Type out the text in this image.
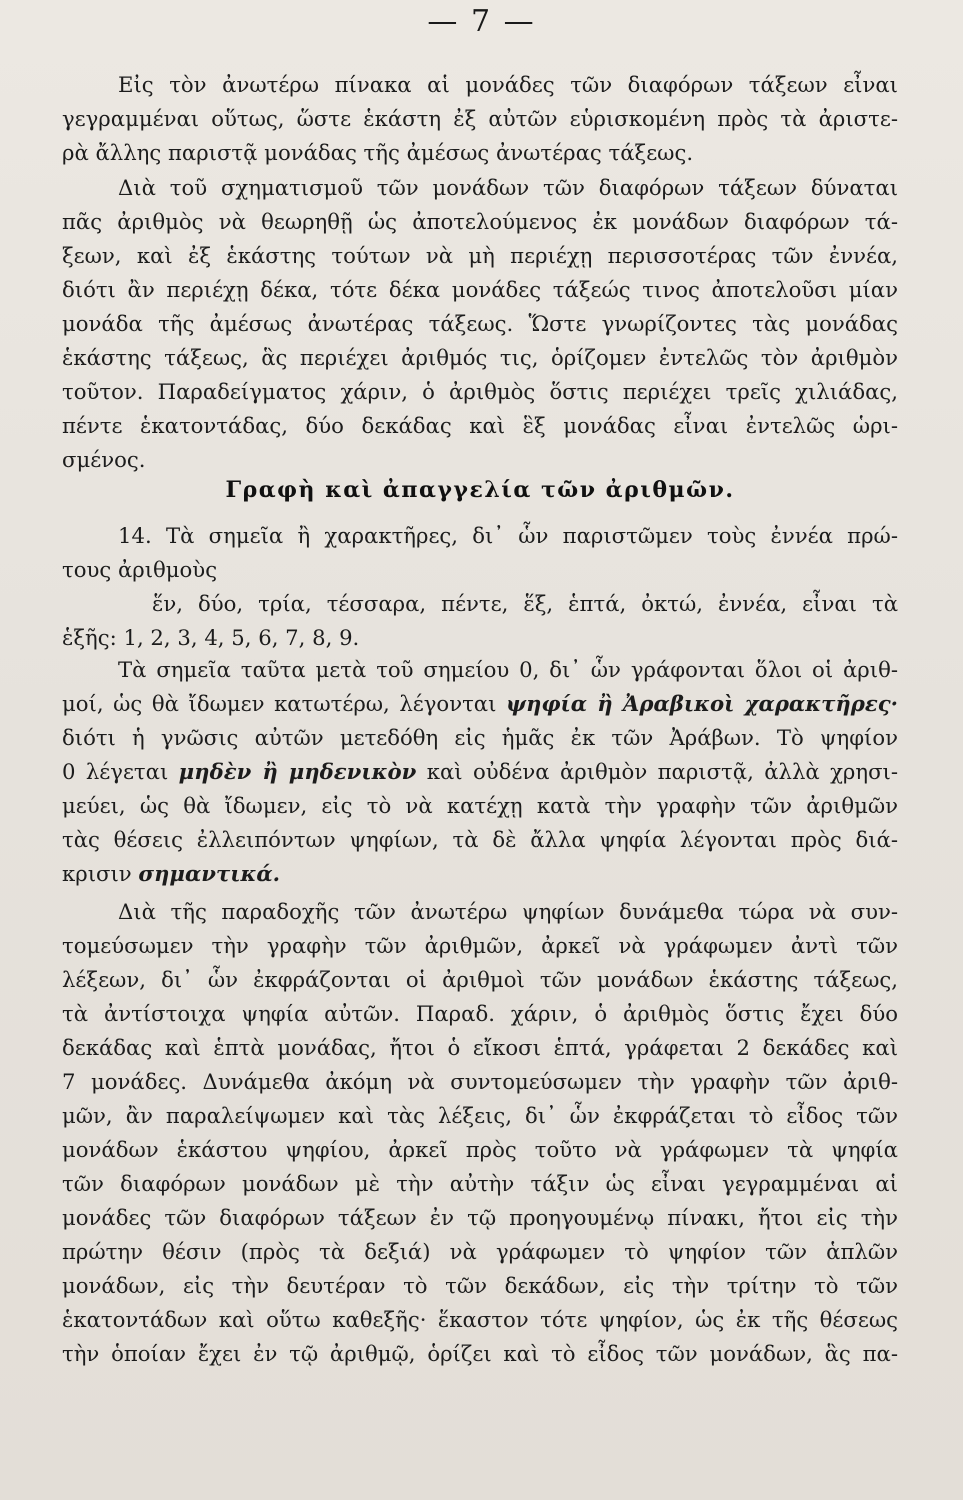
— 7 —
Εἰς τὸν ἀνωτέρω πίνακα αἱ μονάδες τῶν διαφόρων τάξεων εἶναι
γεγραμμέναι οὕτως, ὥστε ἑκάστη ἐξ αὐτῶν εὑρισκομένη πρὸς τὰ ἀριστε-
ρὰ ἄλλης παριστᾷ μονάδας τῆς ἀμέσως ἀνωτέρας τάξεως.
Διὰ τοῦ σχηματισμοῦ τῶν μονάδων τῶν διαφόρων τάξεων δύναται
πᾶς ἀριθμὸς νὰ θεωρηθῇ ὡς ἀποτελούμενος ἐκ μονάδων διαφόρων τά-
ξεων, καὶ ἐξ ἑκάστης τούτων νὰ μὴ περιέχῃ περισσοτέρας τῶν ἐννέα,
διότι ἂν περιέχῃ δέκα, τότε δέκα μονάδες τάξεώς τινος ἀποτελοῦσι μίαν
μονάδα τῆς ἀμέσως ἀνωτέρας τάξεως. Ὥστε γνωρίζοντες τὰς μονάδας
ἑκάστης τάξεως, ἃς περιέχει ἀριθμός τις, ὁρίζομεν ἐντελῶς τὸν ἀριθμὸν
τοῦτον. Παραδείγματος χάριν, ὁ ἀριθμὸς ὅστις περιέχει τρεῖς χιλιάδας,
πέντε ἑκατοντάδας, δύο δεκάδας καὶ ἓξ μονάδας εἶναι ἐντελῶς ὡρι-
σμένος.
Γραφὴ καὶ ἀπαγγελία τῶν ἀριθμῶν.
14. Τὰ σημεῖα ἢ χαρακτῆρες, δι᾽ ὧν παριστῶμεν τοὺς ἐννέα πρώ-
τους ἀριθμοὺς
ἕν, δύο, τρία, τέσσαρα, πέντε, ἕξ, ἑπτά, ὀκτώ, ἐννέα, εἶναι τὰ
ἑξῆς: 1, 2, 3, 4, 5, 6, 7, 8, 9.
Τὰ σημεῖα ταῦτα μετὰ τοῦ σημείου 0, δι᾽ ὧν γράφονται ὅλοι οἱ ἀριθ-
μοί, ὡς θὰ ἴδωμεν κατωτέρω, λέγονται ψηφία ἢ Ἀραβικοὶ χαρακτῆρες·
διότι ἡ γνῶσις αὐτῶν μετεδόθη εἰς ἡμᾶς ἐκ τῶν Ἀράβων. Τὸ ψηφίον
0 λέγεται μηδὲν ἢ μηδενικὸν καὶ οὐδένα ἀριθμὸν παριστᾷ, ἀλλὰ χρησι-
μεύει, ὡς θὰ ἴδωμεν, εἰς τὸ νὰ κατέχῃ κατὰ τὴν γραφὴν τῶν ἀριθμῶν
τὰς θέσεις ἐλλειπόντων ψηφίων, τὰ δὲ ἄλλα ψηφία λέγονται πρὸς διά-
κρισιν σημαντικά.
Διὰ τῆς παραδοχῆς τῶν ἀνωτέρω ψηφίων δυνάμεθα τώρα νὰ συν-
τομεύσωμεν τὴν γραφὴν τῶν ἀριθμῶν, ἀρκεῖ νὰ γράφωμεν ἀντὶ τῶν
λέξεων, δι᾽ ὧν ἐκφράζονται οἱ ἀριθμοὶ τῶν μονάδων ἑκάστης τάξεως,
τὰ ἀντίστοιχα ψηφία αὐτῶν. Παραδ. χάριν, ὁ ἀριθμὸς ὅστις ἔχει δύο
δεκάδας καὶ ἑπτὰ μονάδας, ἤτοι ὁ εἴκοσι ἑπτά, γράφεται 2 δεκάδες καὶ
7 μονάδες. Δυνάμεθα ἀκόμη νὰ συντομεύσωμεν τὴν γραφὴν τῶν ἀριθ-
μῶν, ἂν παραλείψωμεν καὶ τὰς λέξεις, δι᾽ ὧν ἐκφράζεται τὸ εἶδος τῶν
μονάδων ἑκάστου ψηφίου, ἀρκεῖ πρὸς τοῦτο νὰ γράφωμεν τὰ ψηφία
τῶν διαφόρων μονάδων μὲ τὴν αὐτὴν τάξιν ὡς εἶναι γεγραμμέναι αἱ
μονάδες τῶν διαφόρων τάξεων ἐν τῷ προηγουμένῳ πίνακι, ἤτοι εἰς τὴν
πρώτην θέσιν (πρὸς τὰ δεξιά) νὰ γράφωμεν τὸ ψηφίον τῶν ἁπλῶν
μονάδων, εἰς τὴν δευτέραν τὸ τῶν δεκάδων, εἰς τὴν τρίτην τὸ τῶν
ἑκατοντάδων καὶ οὕτω καθεξῆς· ἕκαστον τότε ψηφίον, ὡς ἐκ τῆς θέσεως
τὴν ὁποίαν ἔχει ἐν τῷ ἀριθμῷ, ὁρίζει καὶ τὸ εἶδος τῶν μονάδων, ἃς πα-
